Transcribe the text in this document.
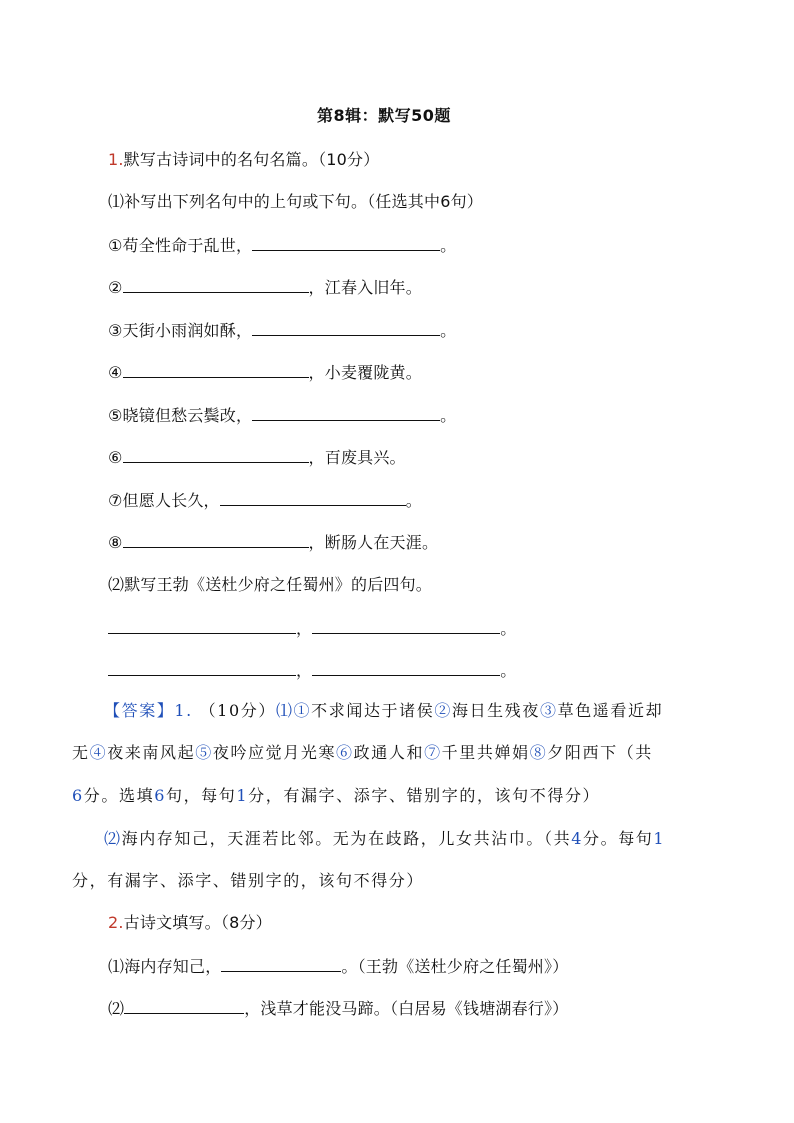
第8辑：默写50题
1.默写古诗词中的名句名篇。（10分）
⑴补写出下列名句中的上句或下句。（任选其中6句）
①苟全性命于乱世，	。
②	，江春入旧年。
③天街小雨润如酥，	。
④	，小麦覆陇黄。
⑤晓镜但愁云鬓改，	。
⑥	，百废具兴。
⑦但愿人长久，	。
⑧	，断肠人在天涯。
⑵默写王勃《送杜少府之任蜀州》的后四句。
，	。
，	。
【答案】1. （10分）⑴①不求闻达于诸侯②海日生残夜③草色遥看近却
无④夜来南风起⑤夜吟应觉月光寒⑥政通人和⑦千里共婵娟⑧夕阳西下（共
6分。选填6句，每句1分，有漏字、添字、错别字的，该句不得分）
⑵海内存知己，天涯若比邻。无为在歧路，儿女共沾巾。（共4分。每句1
分，有漏字、添字、错别字的，该句不得分）
2.古诗文填写。（8分）
⑴海内存知己，	。（王勃《送杜少府之任蜀州》）
⑵	，浅草才能没马蹄。（白居易《钱塘湖春行》）
